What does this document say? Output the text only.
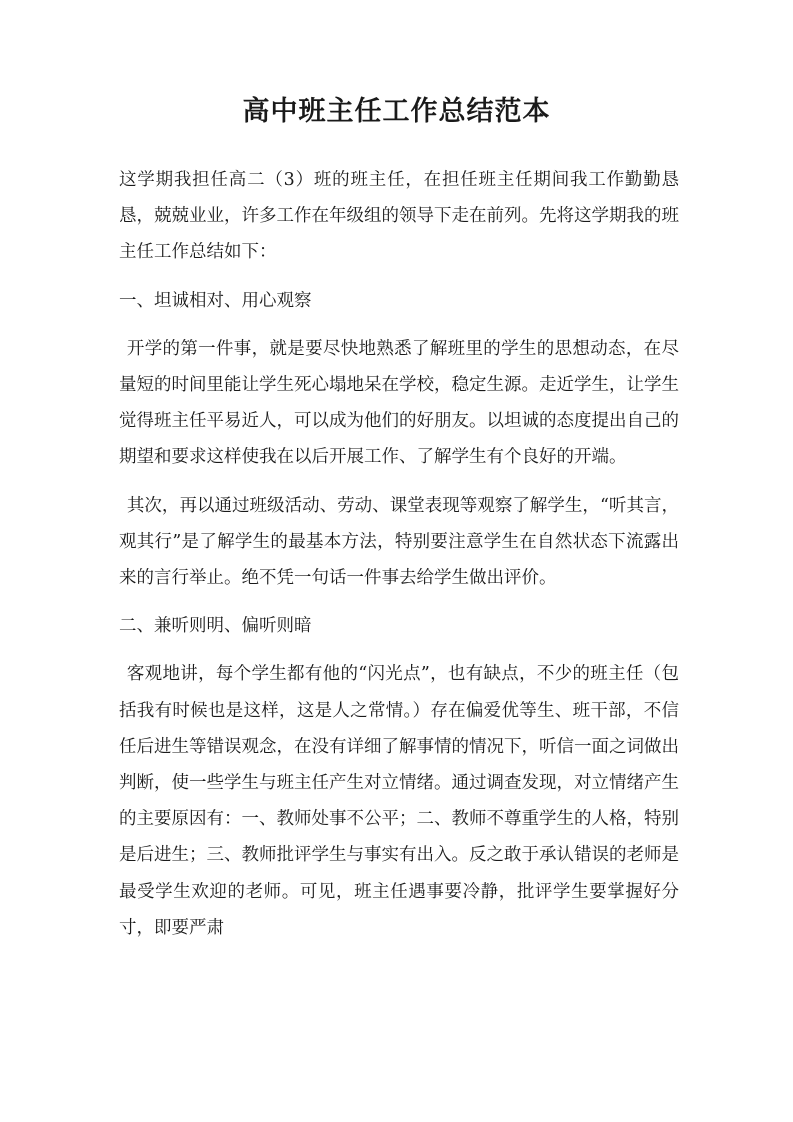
高中班主任工作总结范本

这学期我担任高二（3）班的班主任，在担任班主任期间我工作勤勤恳恳，兢兢业业，许多工作在年级组的领导下走在前列。先将这学期我的班主任工作总结如下：

一、坦诚相对、用心观察

开学的第一件事，就是要尽快地熟悉了解班里的学生的思想动态，在尽量短的时间里能让学生死心塌地呆在学校，稳定生源。走近学生，让学生觉得班主任平易近人，可以成为他们的好朋友。以坦诚的态度提出自己的期望和要求这样使我在以后开展工作、了解学生有个良好的开端。

其次，再以通过班级活动、劳动、课堂表现等观察了解学生，“听其言，观其行”是了解学生的最基本方法，特别要注意学生在自然状态下流露出来的言行举止。绝不凭一句话一件事去给学生做出评价。

二、兼听则明、偏听则暗

客观地讲，每个学生都有他的“闪光点”，也有缺点，不少的班主任（包括我有时候也是这样，这是人之常情。）存在偏爱优等生、班干部，不信任后进生等错误观念，在没有详细了解事情的情况下，听信一面之词做出判断，使一些学生与班主任产生对立情绪。通过调查发现，对立情绪产生的主要原因有：一、教师处事不公平；二、教师不尊重学生的人格，特别是后进生；三、教师批评学生与事实有出入。反之敢于承认错误的老师是最受学生欢迎的老师。可见，班主任遇事要冷静，批评学生要掌握好分寸，即要严肃
